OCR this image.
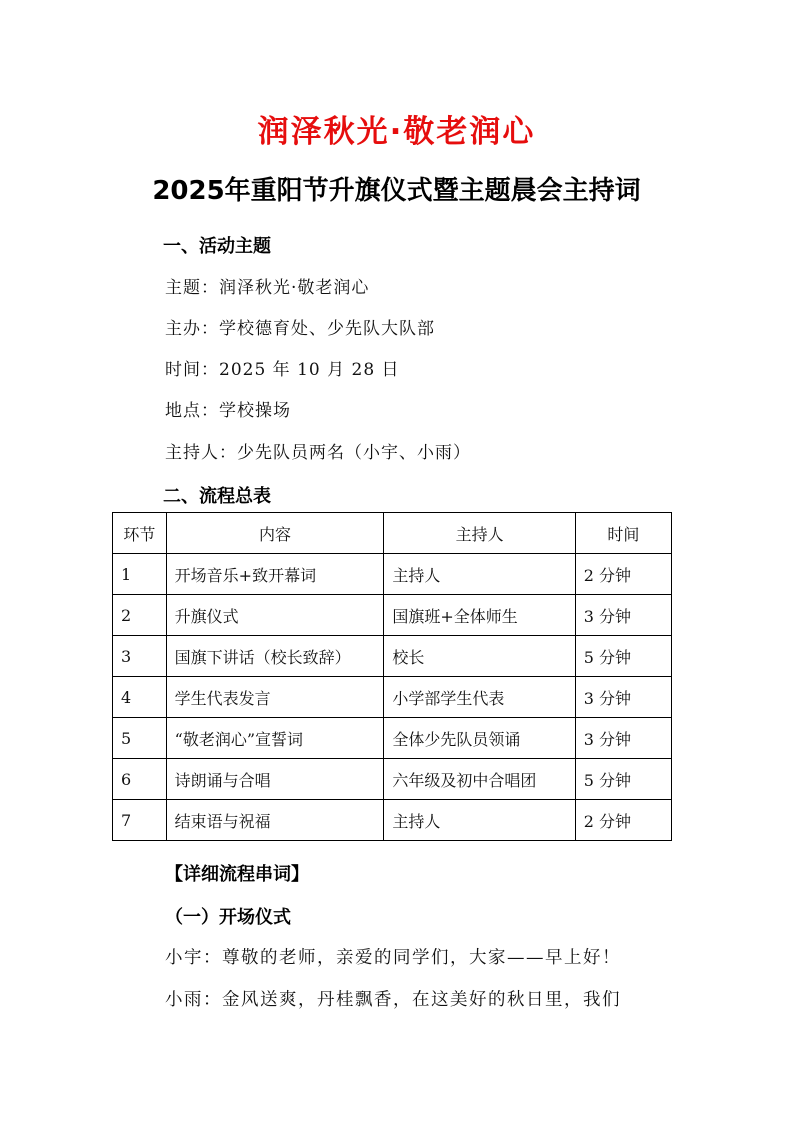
润泽秋光·敬老润心
2025年重阳节升旗仪式暨主题晨会主持词
一、活动主题
主题：润泽秋光·敬老润心
主办：学校德育处、少先队大队部
时间：2025 年 10 月 28 日
地点：学校操场
主持人：少先队员两名（小宇、小雨）
二、流程总表
环节	内容	主持人	时间
1	开场音乐+致开幕词	主持人	2 分钟
2	升旗仪式	国旗班+全体师生	3 分钟
3	国旗下讲话（校长致辞）	校长	5 分钟
4	学生代表发言	小学部学生代表	3 分钟
5	“敬老润心”宣誓词	全体少先队员领诵	3 分钟
6	诗朗诵与合唱	六年级及初中合唱团	5 分钟
7	结束语与祝福	主持人	2 分钟
【详细流程串词】
（一）开场仪式
小宇：尊敬的老师，亲爱的同学们，大家——早上好！
小雨：金风送爽，丹桂飘香，在这美好的秋日里，我们
